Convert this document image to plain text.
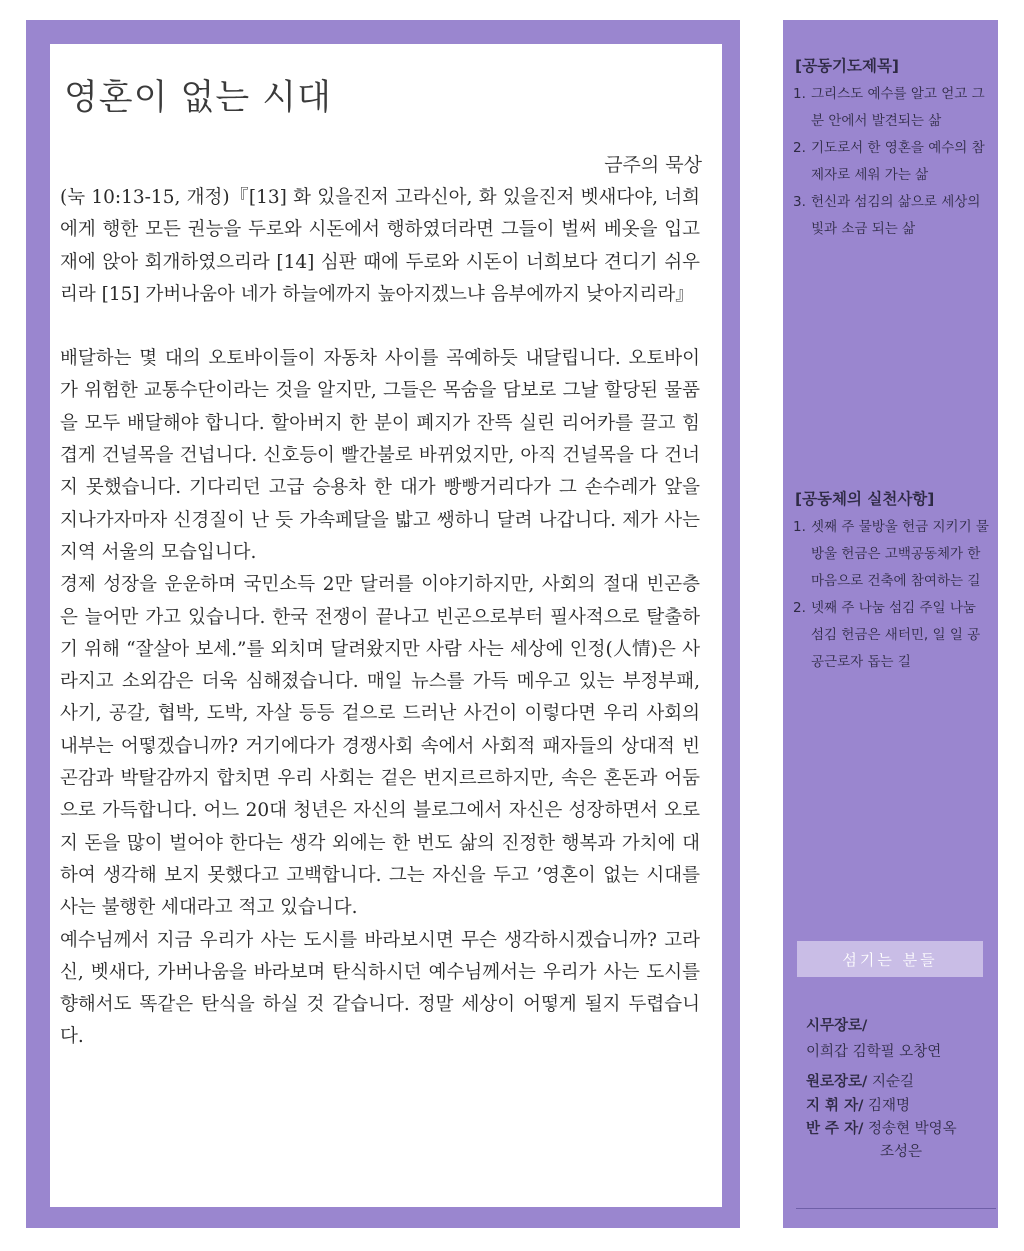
영혼이 없는 시대
금주의 묵상

(눅 10:13-15, 개정)『[13] 화 있을진저 고라신아, 화 있을진저 벳새다야, 너희에게 행한 모든 권능을 두로와 시돈에서 행하였더라면 그들이 벌써 베옷을 입고 재에 앉아 회개하였으리라 [14] 심판 때에 두로와 시돈이 너희보다 견디기 쉬우리라 [15] 가버나움아 네가 하늘에까지 높아지겠느냐 음부에까지 낮아지리라』

배달하는 몇 대의 오토바이들이 자동차 사이를 곡예하듯 내달립니다. 오토바이가 위험한 교통수단이라는 것을 알지만, 그들은 목숨을 담보로 그날 할당된 물품을 모두 배달해야 합니다. 할아버지 한 분이 폐지가 잔뜩 실린 리어카를 끌고 힘겹게 건널목을 건넙니다. 신호등이 빨간불로 바뀌었지만, 아직 건널목을 다 건너지 못했습니다. 기다리던 고급 승용차 한 대가 빵빵거리다가 그 손수레가 앞을 지나가자마자 신경질이 난 듯 가속페달을 밟고 쌩하니 달려 나갑니다. 제가 사는 지역 서울의 모습입니다.

경제 성장을 운운하며 국민소득 2만 달러를 이야기하지만, 사회의 절대 빈곤층은 늘어만 가고 있습니다. 한국 전쟁이 끝나고 빈곤으로부터 필사적으로 탈출하기 위해 “잘살아 보세.”를 외치며 달려왔지만 사람 사는 세상에 인정(人情)은 사라지고 소외감은 더욱 심해졌습니다. 매일 뉴스를 가득 메우고 있는 부정부패, 사기, 공갈, 협박, 도박, 자살 등등 겉으로 드러난 사건이 이렇다면 우리 사회의 내부는 어떻겠습니까? 거기에다가 경쟁사회 속에서 사회적 패자들의 상대적 빈곤감과 박탈감까지 합치면 우리 사회는 겉은 번지르르하지만, 속은 혼돈과 어둠으로 가득합니다. 어느 20대 청년은 자신의 블로그에서 자신은 성장하면서 오로지 돈을 많이 벌어야 한다는 생각 외에는 한 번도 삶의 진정한 행복과 가치에 대하여 생각해 보지 못했다고 고백합니다. 그는 자신을 두고 ’영혼이 없는 시대를 사는 불행한 세대라고 적고 있습니다.

예수님께서 지금 우리가 사는 도시를 바라보시면 무슨 생각하시겠습니까? 고라신, 벳새다, 가버나움을 바라보며 탄식하시던 예수님께서는 우리가 사는 도시를 향해서도 똑같은 탄식을 하실 것 같습니다. 정말 세상이 어떻게 될지 두렵습니다.

[공동기도제목]
1. 그리스도 예수를 알고 얻고 그 분 안에서 발견되는 삶
2. 기도로서 한 영혼을 예수의 참 제자로 세워 가는 삶
3. 헌신과 섬김의 삶으로 세상의 빛과 소금 되는 삶
[공동체의 실천사항]
1. 셋째 주 물방울 헌금 지키기 물방울 헌금은 고백공동체가 한 마음으로 건축에 참여하는 길
2. 넷째 주 나눔 섬김 주일 나눔 섬김 헌금은 새터민, 일 일 공공근로자 돕는 길
섬기는 분들
시무장로/
이희갑 김학필 오창연
원로장로/ 지순길
지 휘 자/ 김재명
반 주 자/ 정송현 박영옥
조성은
